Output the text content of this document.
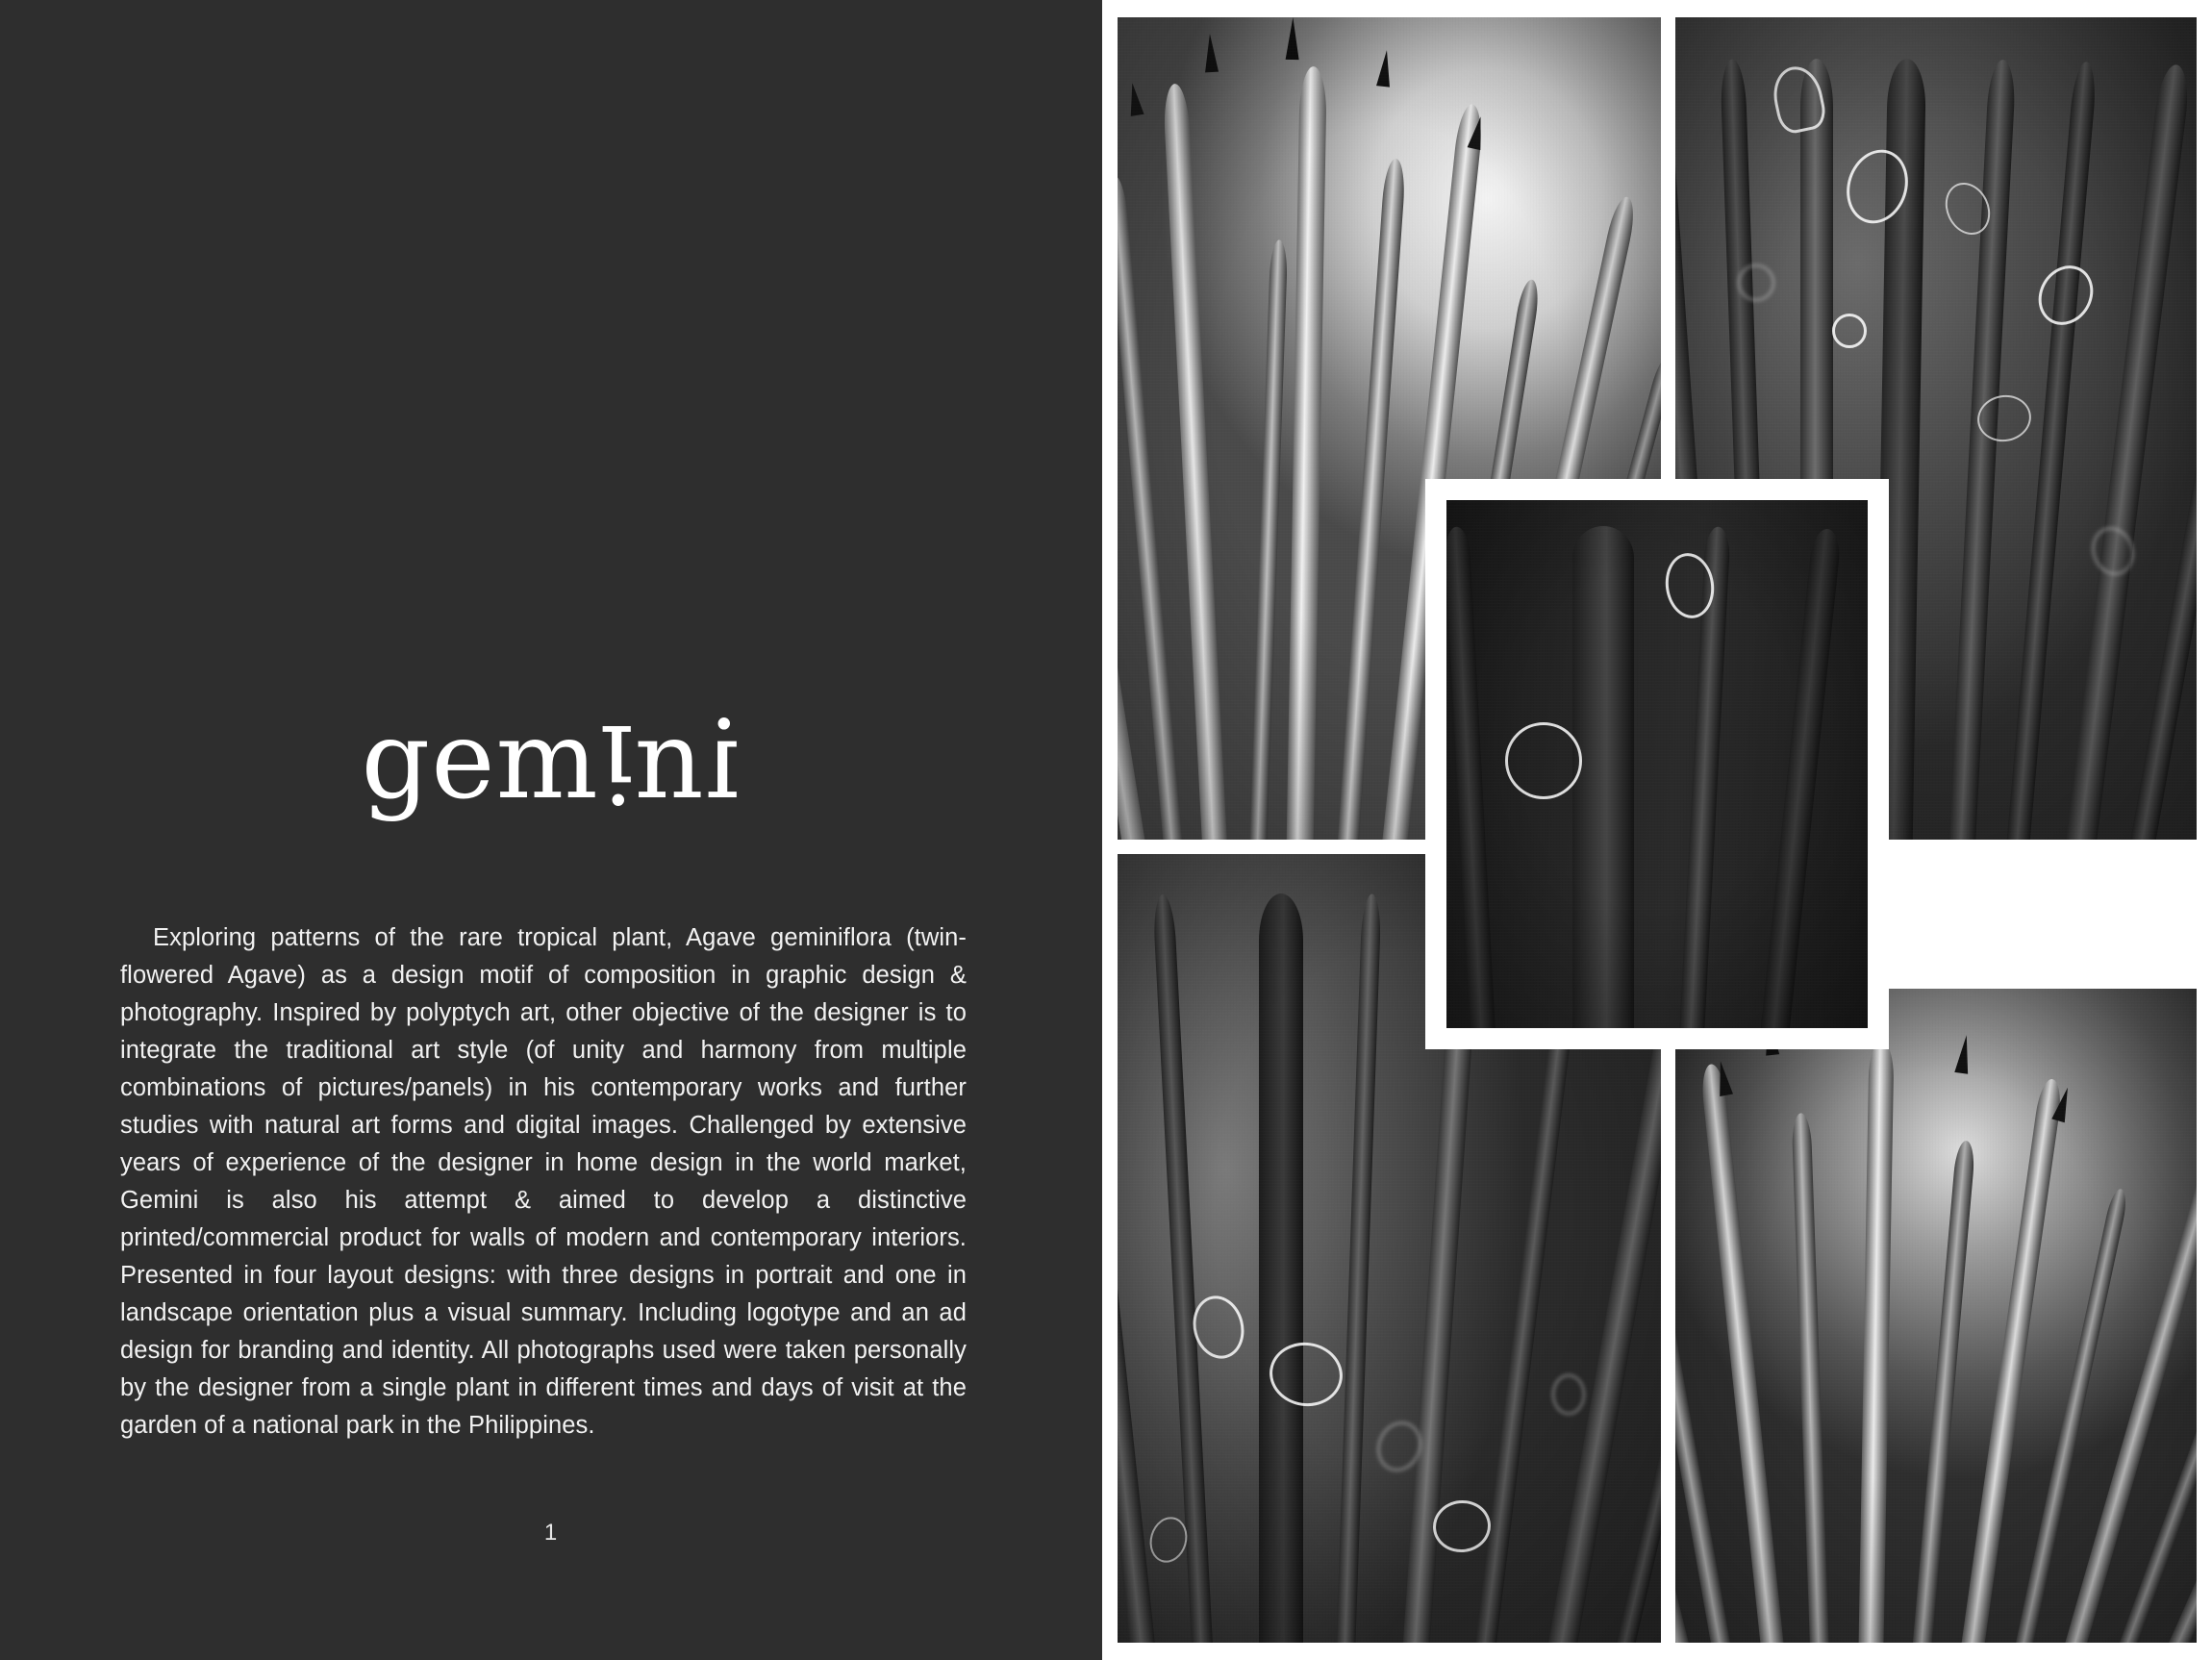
gemini

Exploring patterns of the rare tropical plant, Agave geminiflora (twin-flowered Agave) as a design motif of composition in graphic design & photography. Inspired by polyptych art, other objective of the designer is to integrate the traditional art style (of unity and harmony from multiple combinations of pictures/panels) in his contemporary works and further studies with natural art forms and digital images. Challenged by extensive years of experience of the designer in home design in the world market, Gemini is also his attempt & aimed to develop a distinctive printed/commercial product for walls of modern and contemporary interiors. Presented in four layout designs: with three designs in portrait and one in landscape orientation plus a visual summary. Including logotype and an ad design for branding and identity. All photographs used were taken personally by the designer from a single plant in different times and days of visit at the garden of a national park in the Philippines.

1
